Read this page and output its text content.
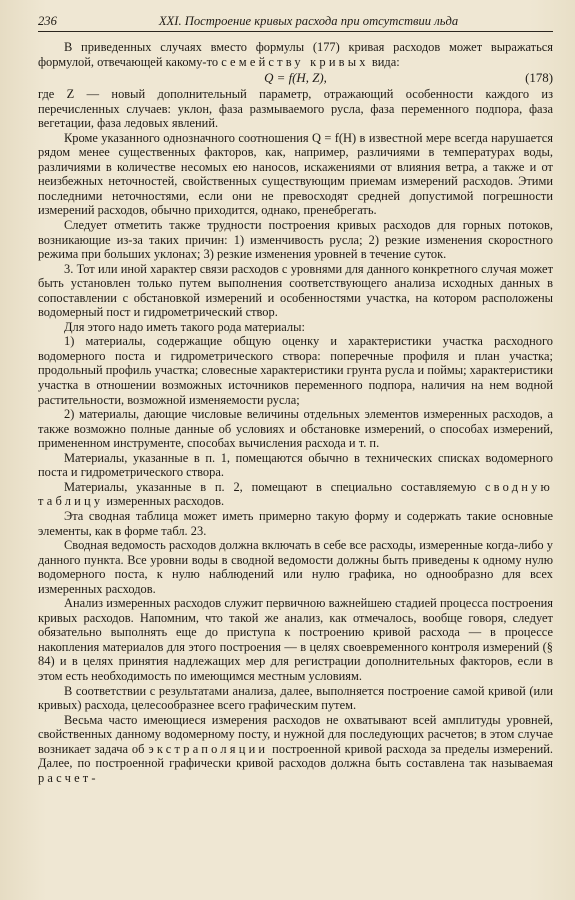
236	XXI. Построение кривых расхода при отсутствии льда

В приведенных случаях вместо формулы (177) кривая расходов может выражаться формулой, отвечающей какому-то семейству кривых вида:

Q = f(H, Z),	(178)

где Z — новый дополнительный параметр, отражающий особенности каждого из перечисленных случаев: уклон, фаза размываемого русла, фаза переменного подпора, фаза вегетации, фаза ледовых явлений.

Кроме указанного однозначного соотношения Q = f(H) в известной мере всегда нарушается рядом менее существенных факторов, как, например, различиями в температурах воды, различиями в количестве несомых ею наносов, искажениями от влияния ветра, а также и от неизбежных неточностей, свойственных существующим приемам измерений расходов. Этими последними неточностями, если они не превосходят средней допустимой погрешности измерений расходов, обычно приходится, однако, пренебрегать.

Следует отметить также трудности построения кривых расходов для горных потоков, возникающие из-за таких причин: 1) изменчивость русла; 2) резкие изменения скоростного режима при больших уклонах; 3) резкие изменения уровней в течение суток.

3. Тот или иной характер связи расходов с уровнями для данного конкретного случая может быть установлен только путем выполнения соответствующего анализа исходных данных в сопоставлении с обстановкой измерений и особенностями участка, на котором расположены водомерный пост и гидрометрический створ.

Для этого надо иметь такого рода материалы:

1) материалы, содержащие общую оценку и характеристики участка расходного водомерного поста и гидрометрического створа: поперечные профиля и план участка; продольный профиль участка; словесные характеристики грунта русла и поймы; характеристики участка в отношении возможных источников переменного подпора, наличия на нем водной растительности, возможной изменяемости русла;

2) материалы, дающие числовые величины отдельных элементов измеренных расходов, а также возможно полные данные об условиях и обстановке измерений, о способах измерений, примененном инструменте, способах вычисления расхода и т. п.

Материалы, указанные в п. 1, помещаются обычно в технических списках водомерного поста и гидрометрического створа.

Материалы, указанные в п. 2, помещают в специально составляемую сводную таблицу измеренных расходов.

Эта сводная таблица может иметь примерно такую форму и содержать такие основные элементы, как в форме табл. 23.

Сводная ведомость расходов должна включать в себе все расходы, измеренные когда-либо у данного пункта. Все уровни воды в сводной ведомости должны быть приведены к одному нулю водомерного поста, к нулю наблюдений или нулю графика, но однообразно для всех измеренных расходов.

Анализ измеренных расходов служит первичною важнейшею стадией процесса построения кривых расходов. Напомним, что такой же анализ, как отмечалось, вообще говоря, следует обязательно выполнять еще до приступа к построению кривой расхода — в процессе накопления материалов для этого построения — в целях своевременного контроля измерений (§ 84) и в целях принятия надлежащих мер для регистрации дополнительных факторов, если в этом есть необходимость по имеющимся местным условиям.

В соответствии с результатами анализа, далее, выполняется построение самой кривой (или кривых) расхода, целесообразнее всего графическим путем.

Весьма часто имеющиеся измерения расходов не охватывают всей амплитуды уровней, свойственных данному водомерному посту, и нужной для последующих расчетов; в этом случае возникает задача об экстраполяции построенной кривой расхода за пределы измерений. Далее, по построенной графически кривой расходов должна быть составлена так называемая расчет-
